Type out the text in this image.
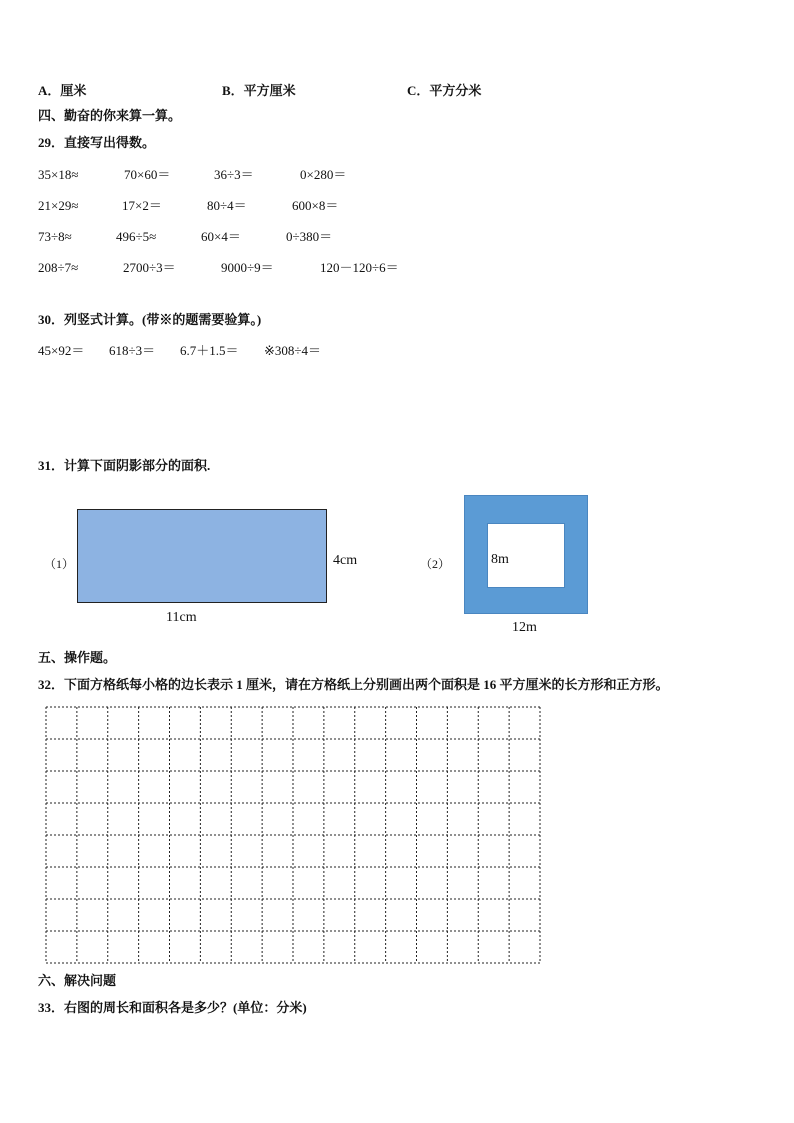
A．厘米	B．平方厘米	C．平方分米
四、勤奋的你来算一算。
29．直接写出得数。
35×18≈	70×60＝	36÷3＝	0×280＝
21×29≈	17×2＝	80÷4＝	600×8＝
73÷8≈	496÷5≈	60×4＝	0÷380＝
208÷7≈	2700÷3＝	9000÷9＝	120－120÷6＝
30．列竖式计算。(带※的题需要验算。)
45×92＝ 618÷3＝ 6.7＋1.5＝ ※308÷4＝
31．计算下面阴影部分的面积.
（1）	4cm
11cm
（2）	8m
12m
五、操作题。
32．下面方格纸每小格的边长表示 1 厘米，请在方格纸上分别画出两个面积是 16 平方厘米的长方形和正方形。
六、解决问题
33．右图的周长和面积各是多少？(单位：分米)
